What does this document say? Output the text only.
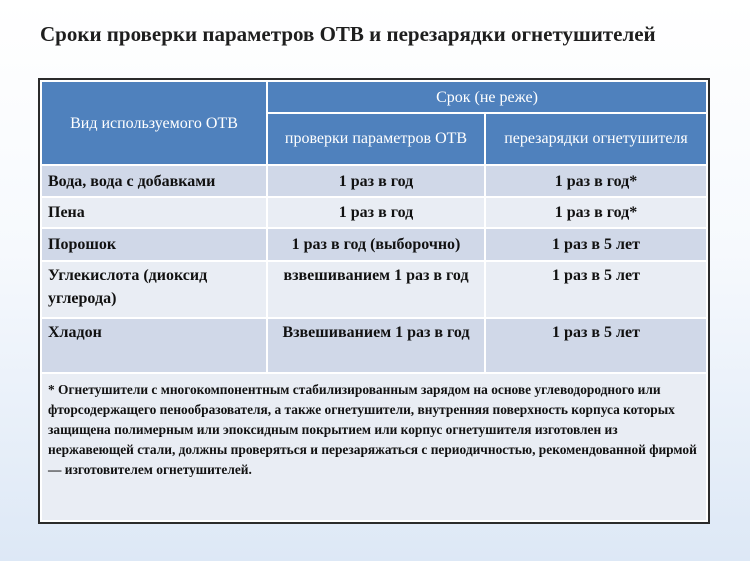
Сроки проверки параметров ОТВ и перезарядки огнетушителей
Вид используемого ОТВ	Срок (не реже)	
	проверки параметров ОТВ	перезарядки огнетушителя
Вода, вода с добавками	1 раз в год	1 раз в год*
Пена	1 раз в год	1 раз в год*
Порошок	1 раз в год (выборочно)	1 раз в 5 лет
Углекислота (диоксид углерода)	взвешиванием 1 раз в год	1 раз в 5 лет
Хладон	Взвешиванием 1 раз в год	1 раз в 5 лет
* Огнетушители с многокомпонентным стабилизированным зарядом на основе углеводородного или фторсодержащего пенообразователя, а также огнетушители, внутренняя поверхность корпуса которых защищена полимерным или эпоксидным покрытием или корпус огнетушителя изготовлен из нержавеющей стали, должны проверяться и перезаряжаться с периодичностью, рекомендованной фирмой — изготовителем огнетушителей.		
